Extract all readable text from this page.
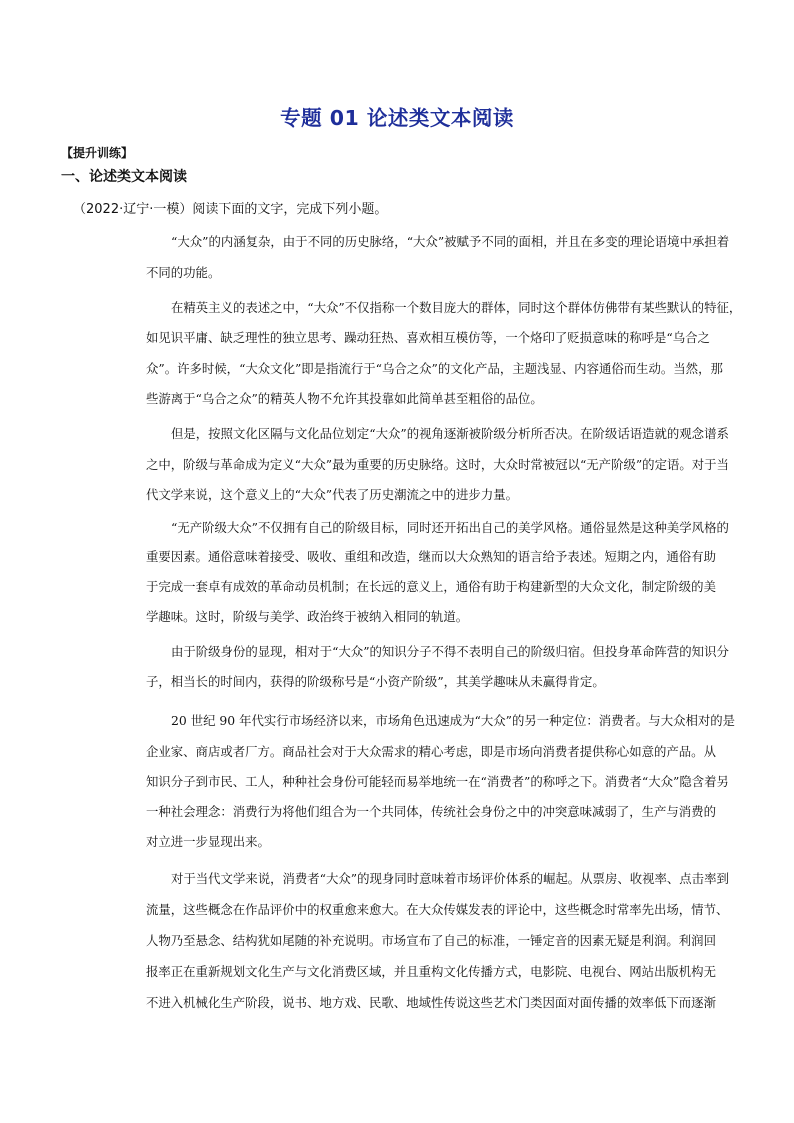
专题 01 论述类文本阅读
【提升训练】
一、论述类文本阅读
（2022·辽宁·一模）阅读下面的文字，完成下列小题。
“大众”的内涵复杂，由于不同的历史脉络，“大众”被赋予不同的面相，并且在多变的理论语境中承担着
不同的功能。
在精英主义的表述之中，“大众”不仅指称一个数目庞大的群体，同时这个群体仿佛带有某些默认的特征，
如见识平庸、缺乏理性的独立思考、躁动狂热、喜欢相互模仿等，一个烙印了贬损意味的称呼是“乌合之
众”。许多时候，“大众文化”即是指流行于“乌合之众”的文化产品，主题浅显、内容通俗而生动。当然，那
些游离于“乌合之众”的精英人物不允许其投靠如此简单甚至粗俗的品位。
但是，按照文化区隔与文化品位划定“大众”的视角逐渐被阶级分析所否决。在阶级话语造就的观念谱系
之中，阶级与革命成为定义“大众”最为重要的历史脉络。这时，大众时常被冠以“无产阶级”的定语。对于当
代文学来说，这个意义上的“大众”代表了历史潮流之中的进步力量。
“无产阶级大众”不仅拥有自己的阶级目标，同时还开拓出自己的美学风格。通俗显然是这种美学风格的
重要因素。通俗意味着接受、吸收、重组和改造，继而以大众熟知的语言给予表述。短期之内，通俗有助
于完成一套卓有成效的革命动员机制；在长远的意义上，通俗有助于构建新型的大众文化，制定阶级的美
学趣味。这时，阶级与美学、政治终于被纳入相同的轨道。
由于阶级身份的显现，相对于“大众”的知识分子不得不表明自己的阶级归宿。但投身革命阵营的知识分
子，相当长的时间内，获得的阶级称号是“小资产阶级”，其美学趣味从未赢得肯定。
20 世纪 90 年代实行市场经济以来，市场角色迅速成为“大众”的另一种定位：消费者。与大众相对的是
企业家、商店或者厂方。商品社会对于大众需求的精心考虑，即是市场向消费者提供称心如意的产品。从
知识分子到市民、工人，种种社会身份可能轻而易举地统一在“消费者”的称呼之下。消费者“大众”隐含着另
一种社会理念：消费行为将他们组合为一个共同体，传统社会身份之中的冲突意味减弱了，生产与消费的
对立进一步显现出来。
对于当代文学来说，消费者“大众”的现身同时意味着市场评价体系的崛起。从票房、收视率、点击率到
流量，这些概念在作品评价中的权重愈来愈大。在大众传媒发表的评论中，这些概念时常率先出场，情节、
人物乃至悬念、结构犹如尾随的补充说明。市场宣布了自己的标准，一锤定音的因素无疑是利润。利润回
报率正在重新规划文化生产与文化消费区域，并且重构文化传播方式，电影院、电视台、网站出版机构无
不进入机械化生产阶段，说书、地方戏、民歌、地域性传说这些艺术门类因面对面传播的效率低下而逐渐
